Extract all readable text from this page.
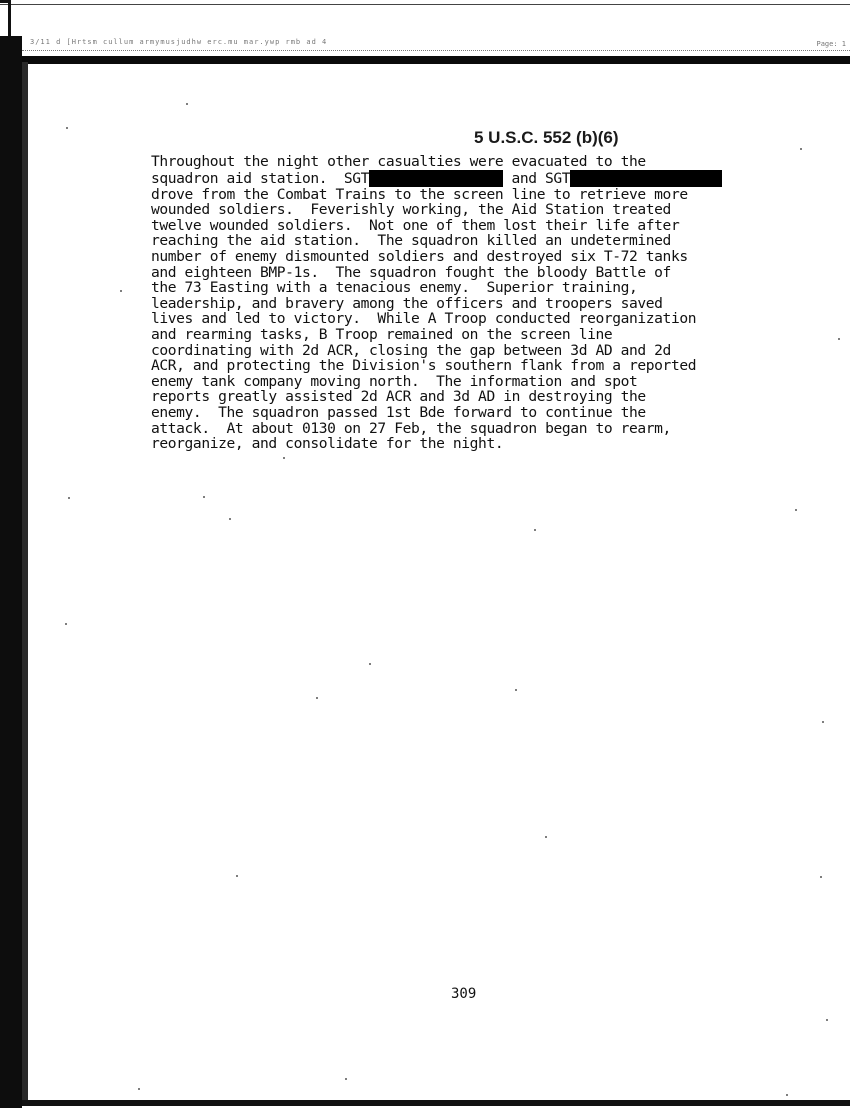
3/11 d [Hrtsm cullum armymusjudhw erc.mu mar.ywp rmb ad 4	Page: 1
5 U.S.C. 552 (b)(6)
Throughout the night other casualties were evacuated to the
squadron aid station.  SGT	and SGT
drove from the Combat Trains to the screen line to retrieve more
wounded soldiers.  Feverishly working, the Aid Station treated
twelve wounded soldiers.  Not one of them lost their life after
reaching the aid station.  The squadron killed an undetermined
number of enemy dismounted soldiers and destroyed six T-72 tanks
and eighteen BMP-1s.  The squadron fought the bloody Battle of
the 73 Easting with a tenacious enemy.  Superior training,
leadership, and bravery among the officers and troopers saved
lives and led to victory.  While A Troop conducted reorganization
and rearming tasks, B Troop remained on the screen line
coordinating with 2d ACR, closing the gap between 3d AD and 2d
ACR, and protecting the Division's southern flank from a reported
enemy tank company moving north.  The information and spot
reports greatly assisted 2d ACR and 3d AD in destroying the
enemy.  The squadron passed 1st Bde forward to continue the
attack.  At about 0130 on 27 Feb, the squadron began to rearm,
reorganize, and consolidate for the night.
309
